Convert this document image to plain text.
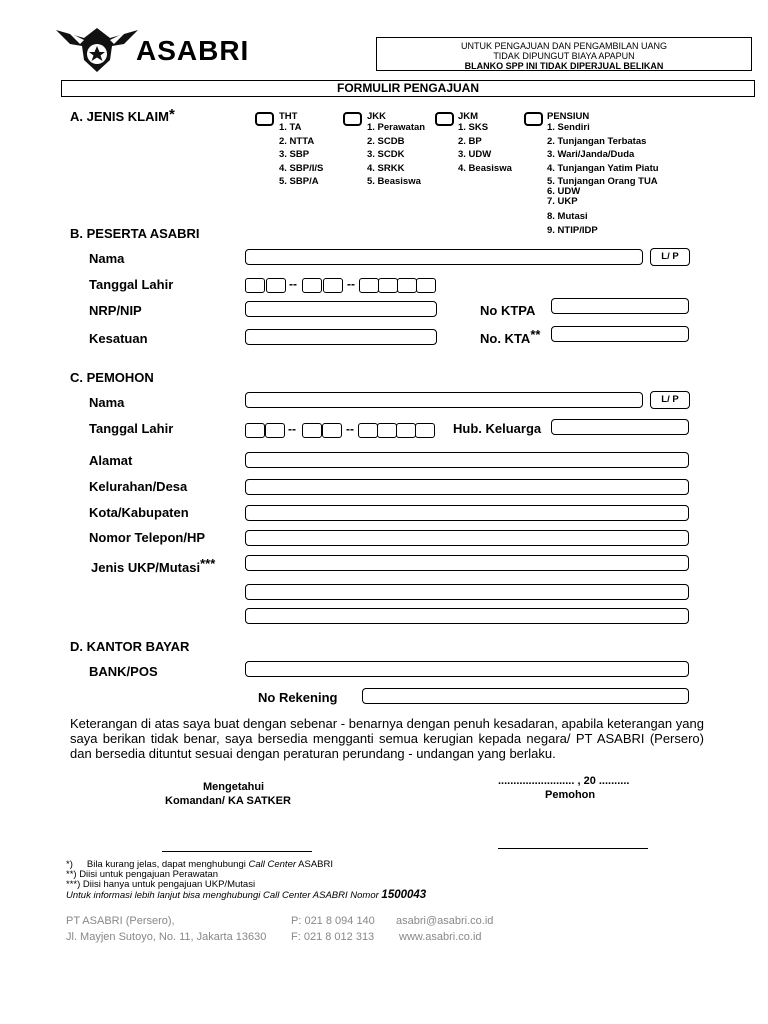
ASABRI	UNTUK PENGAJUAN DAN PENGAMBILAN UANG
TIDAK DIPUNGUT BIAYA APAPUN
BLANKO SPP INI TIDAK DIPERJUAL BELIKAN
FORMULIR PENGAJUAN
A. JENIS KLAIM*	THT
1. TA
2. NTTA
3. SBP
4. SBP/I/S
5. SBP/A
JKK
1. Perawatan
2. SCDB
3. SCDK
4. SRKK
5. Beasiswa
JKM
1. SKS
2. BP
3. UDW
4. Beasiswa
PENSIUN
1. Sendiri
2. Tunjangan Terbatas
3. Wari/Janda/Duda
4. Tunjangan Yatim Piatu
5. Tunjangan Orang TUA
6. UDW
7. UKP
8. Mutasi
9. NTIP/IDP
B. PESERTA ASABRI
Nama	L/ P
Tanggal Lahir	--	--
NRP/NIP	No KTPA
Kesatuan	No. KTA**
C. PEMOHON
Nama	L/ P
Tanggal Lahir	--	--	Hub. Keluarga
Alamat
Kelurahan/Desa
Kota/Kabupaten
Nomor Telepon/HP
Jenis UKP/Mutasi***
D. KANTOR BAYAR
BANK/POS
No Rekening
Keterangan di atas saya buat dengan sebenar - benarnya dengan penuh kesadaran, apabila keterangan yang saya berikan tidak benar, saya bersedia mengganti semua kerugian kepada negara/ PT ASABRI (Persero) dan bersedia dituntut sesuai dengan peraturan perundang - undangan yang berlaku.
Mengetahui
Komandan/ KA SATKER
......................... , 20 ..........
Pemohon
*) Bila kurang jelas, dapat menghubungi Call Center ASABRI
**) Diisi untuk pengajuan Perawatan
***) Diisi hanya untuk pengajuan UKP/Mutasi
Untuk informasi lebih lanjut bisa menghubungi Call Center ASABRI Nomor 1500043
PT ASABRI (Persero),
Jl. Mayjen Sutoyo, No. 11, Jakarta 13630
P: 021 8 094 140
F: 021 8 012 313
asabri@asabri.co.id
www.asabri.co.id
